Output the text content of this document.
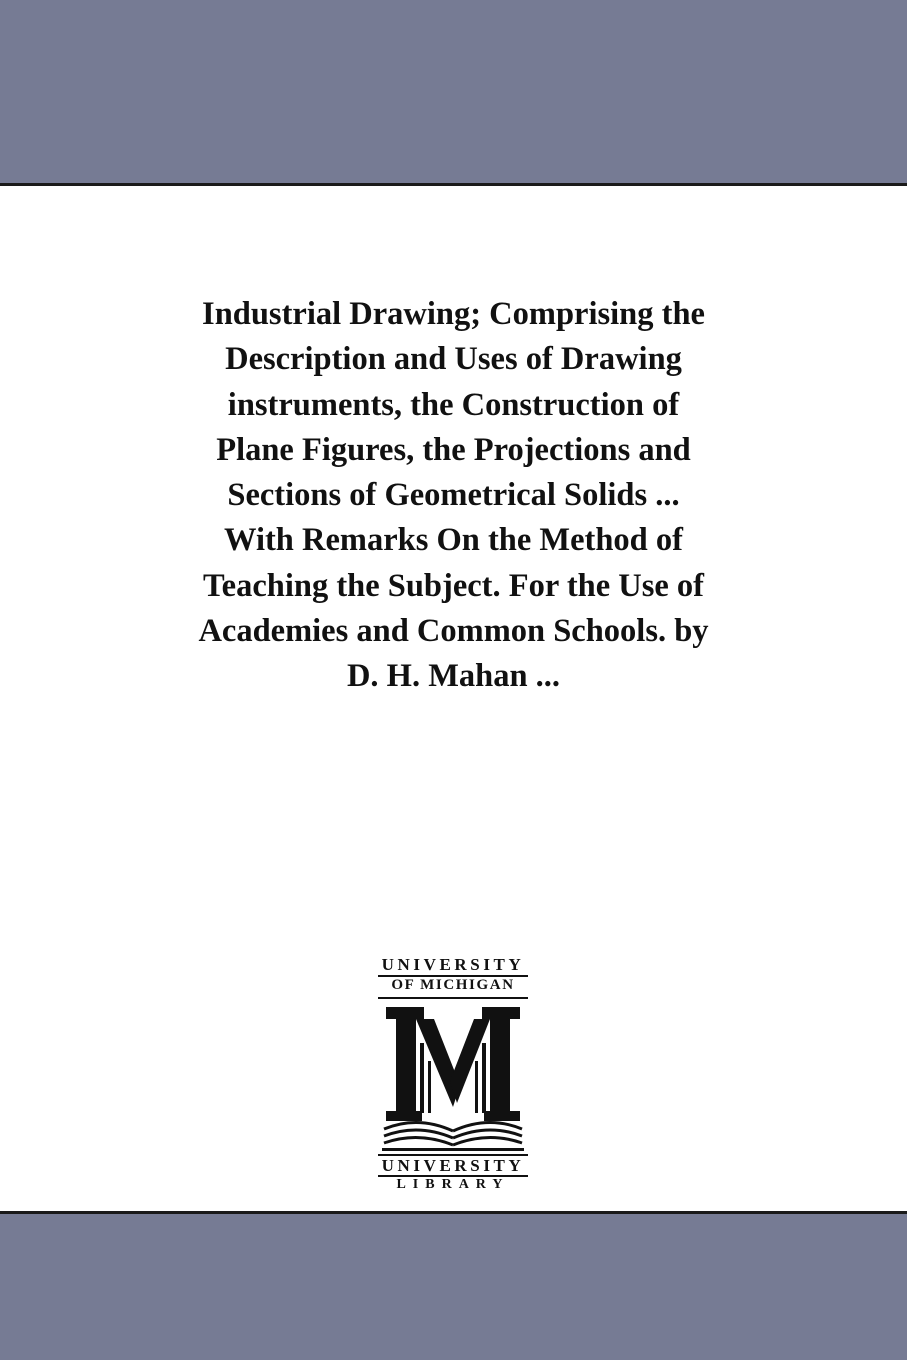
Industrial Drawing; Comprising the
Description and Uses of Drawing
instruments, the Construction of
Plane Figures, the Projections and
Sections of Geometrical Solids ...
With Remarks On the Method of
Teaching the Subject. For the Use of
Academies and Common Schools. by
D. H. Mahan ...
UNIVERSITY
OF MICHIGAN
UNIVERSITY
LIBRARY
